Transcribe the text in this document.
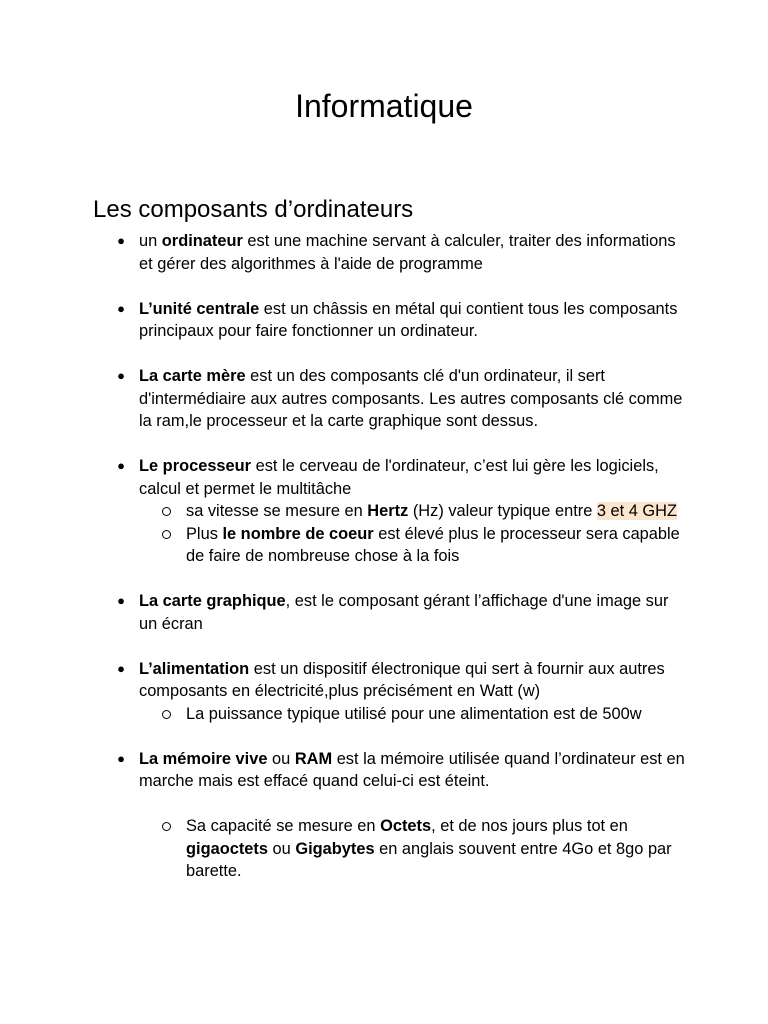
Informatique
Les composants d’ordinateurs
● un ordinateur est une machine servant à calculer, traiter des informations et gérer des algorithmes à l'aide de programme
● L’unité centrale est un châssis en métal qui contient tous les composants principaux pour faire fonctionner un ordinateur.
● La carte mère est un des composants clé d'un ordinateur, il sert d'intermédiaire aux autres composants. Les autres composants clé comme la ram,le processeur et la carte graphique sont dessus.
● Le processeur est le cerveau de l'ordinateur, c’est lui gère les logiciels, calcul et permet le multitâche
sa vitesse se mesure en Hertz (Hz) valeur typique entre 3 et 4 GHZ
Plus le nombre de coeur est élevé plus le processeur sera capable de faire de nombreuse chose à la fois
● La carte graphique, est le composant gérant l’affichage d'une image sur un écran
● L’alimentation est un dispositif électronique qui sert à fournir aux autres composants en électricité,plus précisément en Watt (w)
La puissance typique utilisé pour une alimentation est de 500w
● La mémoire vive ou RAM est la mémoire utilisée quand l’ordinateur est en marche mais est effacé quand celui-ci est éteint.
Sa capacité se mesure en Octets, et de nos jours plus tot en gigaoctets ou Gigabytes en anglais souvent entre 4Go et 8go par barette.
